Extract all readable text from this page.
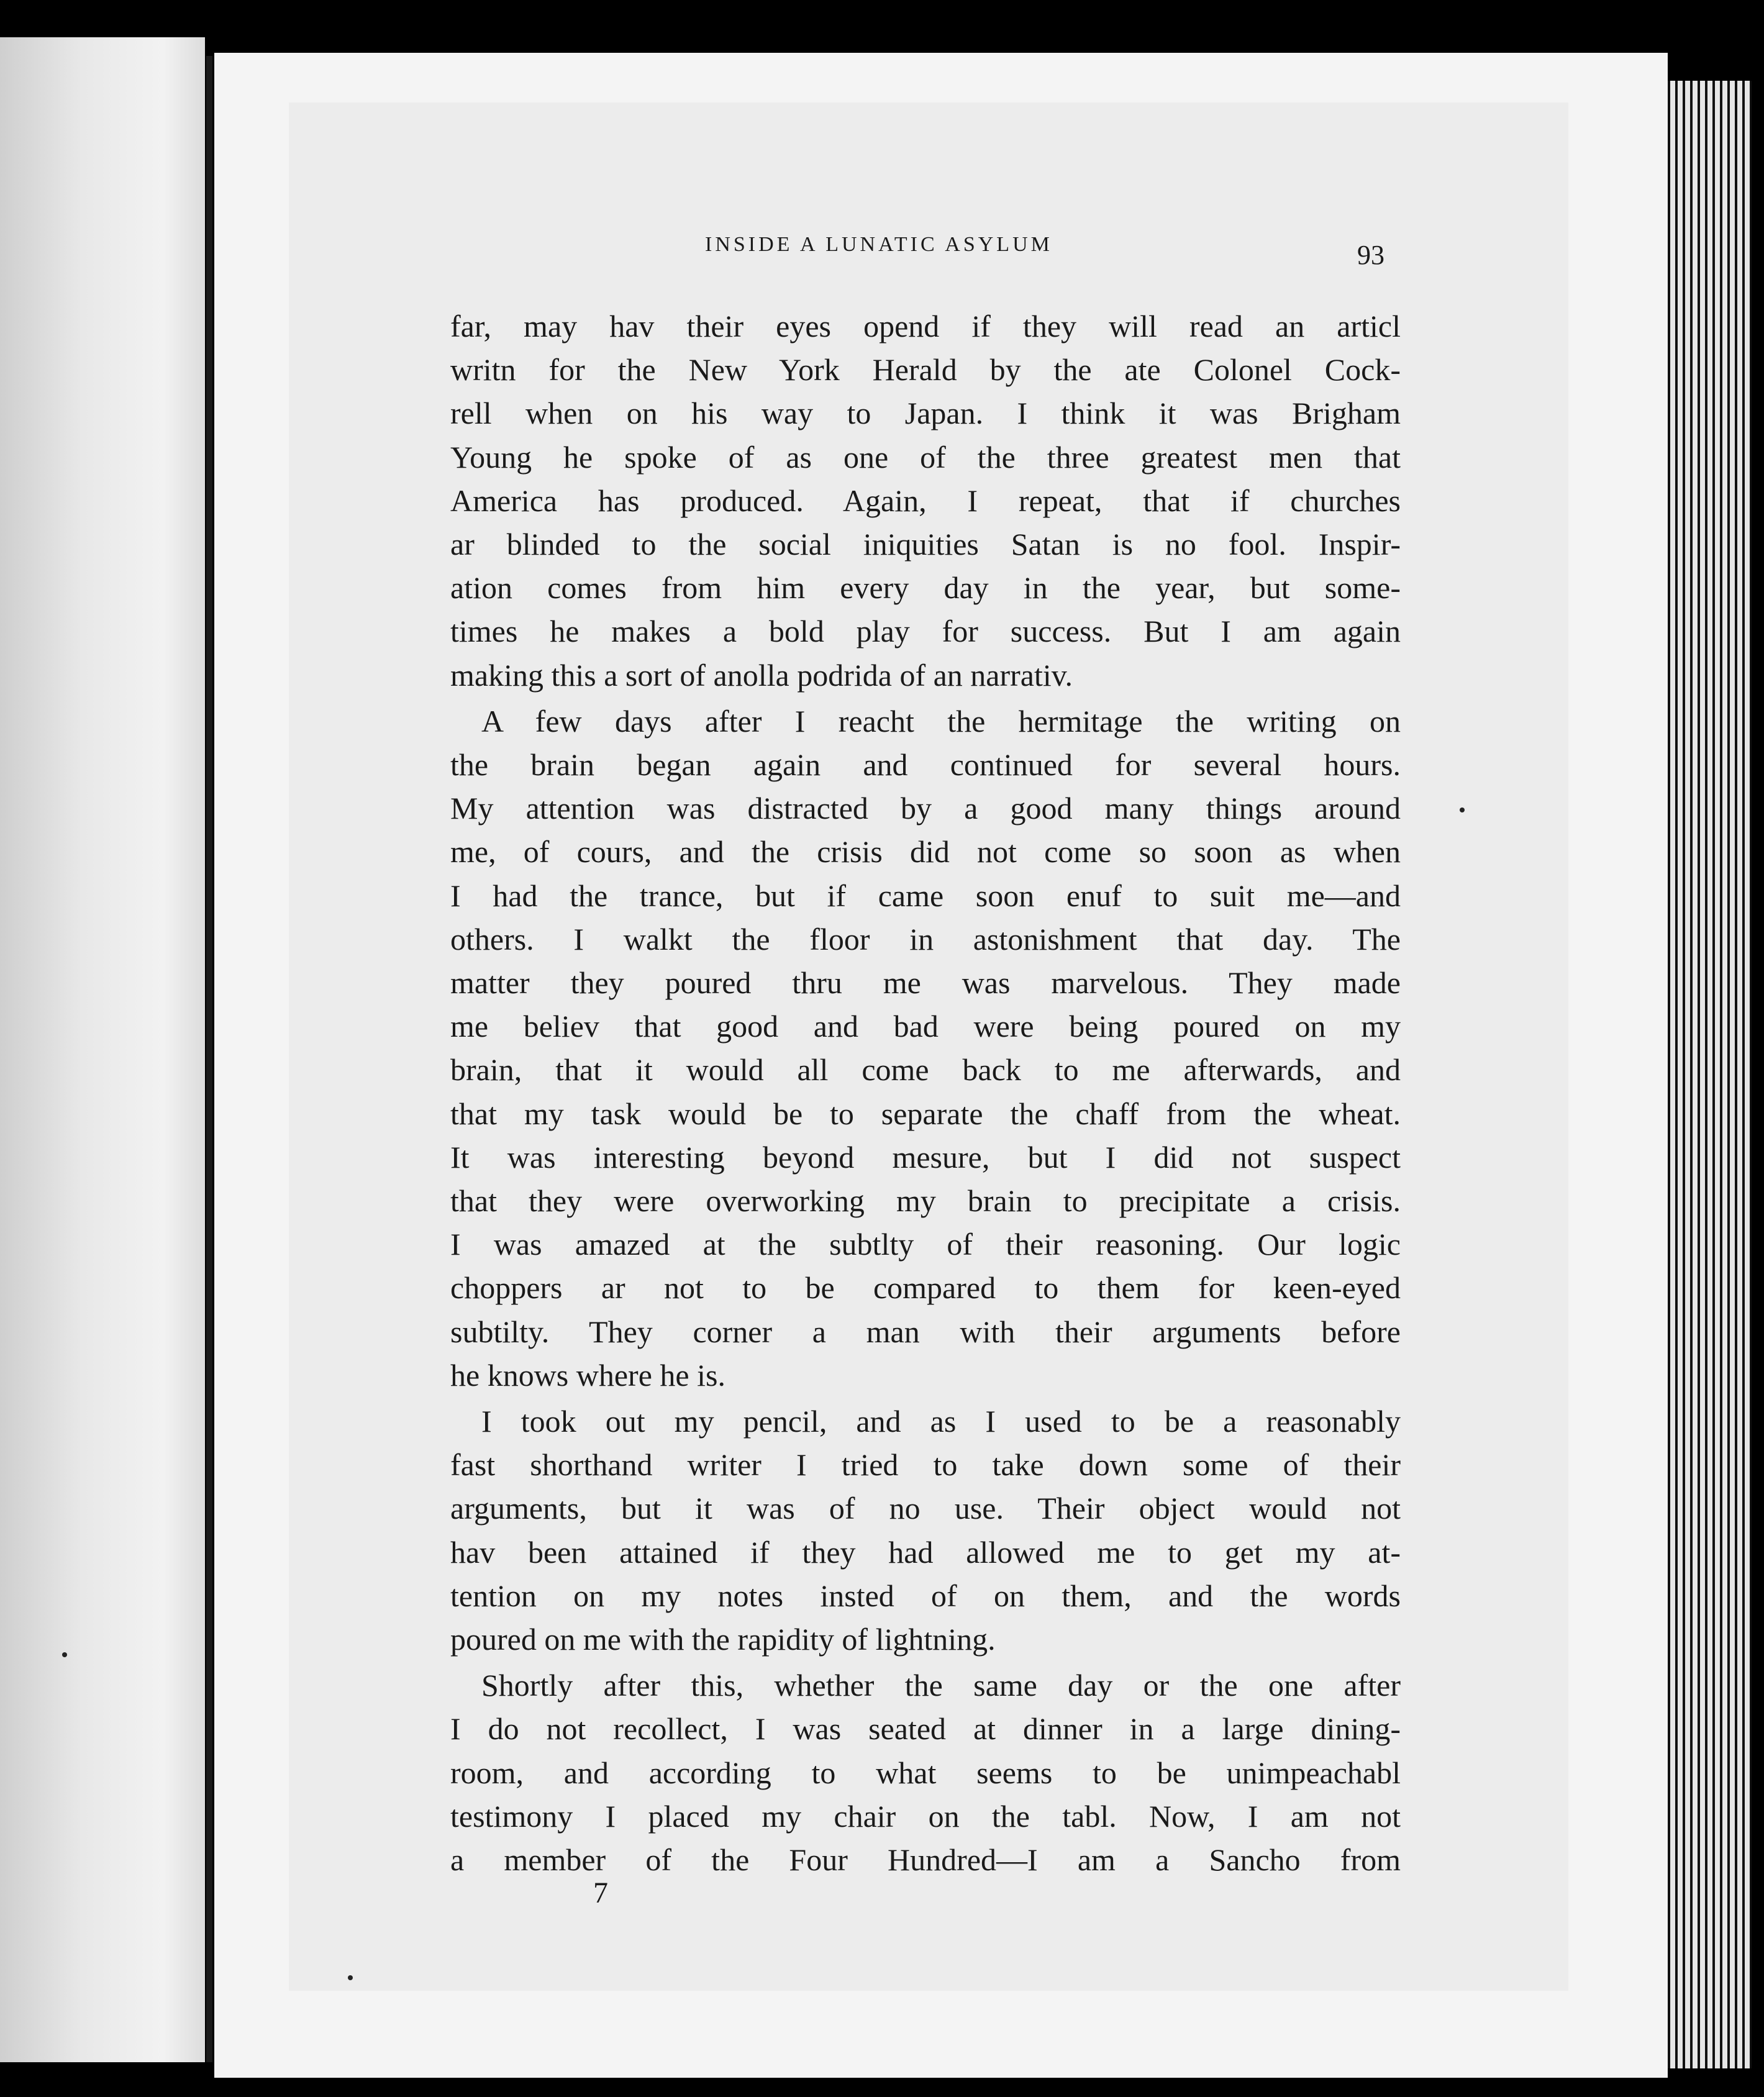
INSIDE A LUNATIC ASYLUM	93
far, may hav their eyes opend if they will read an articl
writn for the New York Herald by the ate Colonel Cock-
rell when on his way to Japan. I think it was Brigham
Young he spoke of as one of the three greatest men that
America has produced. Again, I repeat, that if churches
ar blinded to the social iniquities Satan is no fool. Inspir-
ation comes from him every day in the year, but some-
times he makes a bold play for success. But I am again
making this a sort of anolla podrida of an narrativ.
A few days after I reacht the hermitage the writing on
the brain began again and continued for several hours.
My attention was distracted by a good many things around
me, of cours, and the crisis did not come so soon as when
I had the trance, but if came soon enuf to suit me—and
others. I walkt the floor in astonishment that day. The
matter they poured thru me was marvelous. They made
me believ that good and bad were being poured on my
brain, that it would all come back to me afterwards, and
that my task would be to separate the chaff from the wheat.
It was interesting beyond mesure, but I did not suspect
that they were overworking my brain to precipitate a crisis.
I was amazed at the subtlty of their reasoning. Our logic
choppers ar not to be compared to them for keen-eyed
subtilty. They corner a man with their arguments before
he knows where he is.
I took out my pencil, and as I used to be a reasonably
fast shorthand writer I tried to take down some of their
arguments, but it was of no use. Their object would not
hav been attained if they had allowed me to get my at-
tention on my notes insted of on them, and the words
poured on me with the rapidity of lightning.
Shortly after this, whether the same day or the one after
I do not recollect, I was seated at dinner in a large dining-
room, and according to what seems to be unimpeachabl
testimony I placed my chair on the tabl. Now, I am not
a member of the Four Hundred—I am a Sancho from
7
